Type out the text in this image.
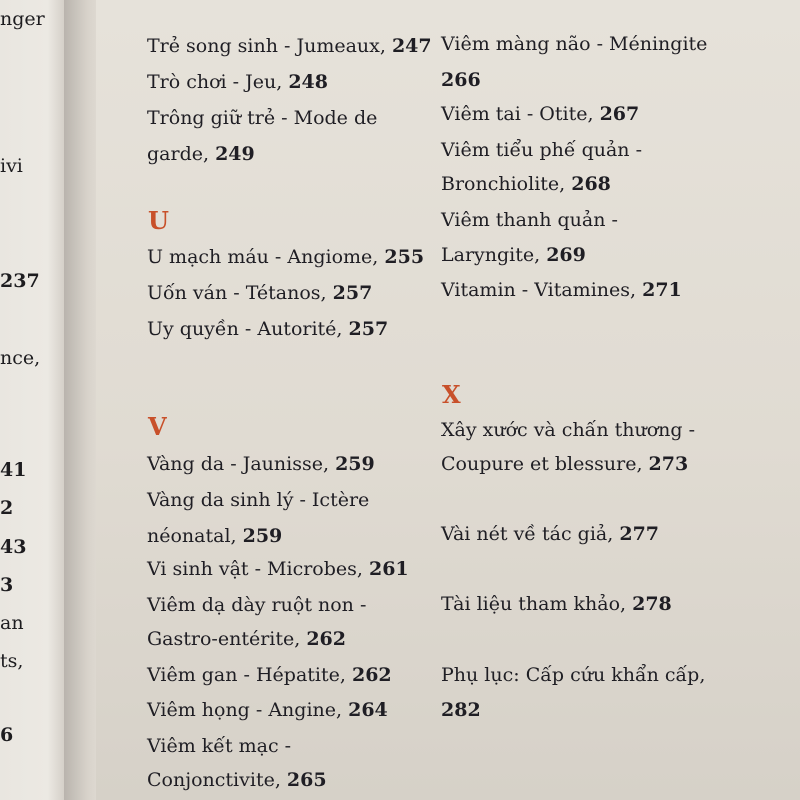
nger
ivi
237
nce,
41
2
43
3
an
ts,
6
Trẻ song sinh - Jumeaux, 247
Trò chơi - Jeu, 248
Trông giữ trẻ - Mode de
garde, 249
U
U mạch máu - Angiome, 255
Uốn ván - Tétanos, 257
Uy quyền - Autorité, 257
V
Vàng da - Jaunisse, 259
Vàng da sinh lý - Ictère
néonatal, 259
Vi sinh vật - Microbes, 261
Viêm dạ dày ruột non -
Gastro-entérite, 262
Viêm gan - Hépatite, 262
Viêm họng - Angine, 264
Viêm kết mạc -
Conjonctivite, 265
Viêm màng não - Méningite
266
Viêm tai - Otite, 267
Viêm tiểu phế quản -
Bronchiolite, 268
Viêm thanh quản -
Laryngite, 269
Vitamin - Vitamines, 271
X
Xây xước và chấn thương -
Coupure et blessure, 273
Vài nét về tác giả, 277
Tài liệu tham khảo, 278
Phụ lục: Cấp cứu khẩn cấp,
282
